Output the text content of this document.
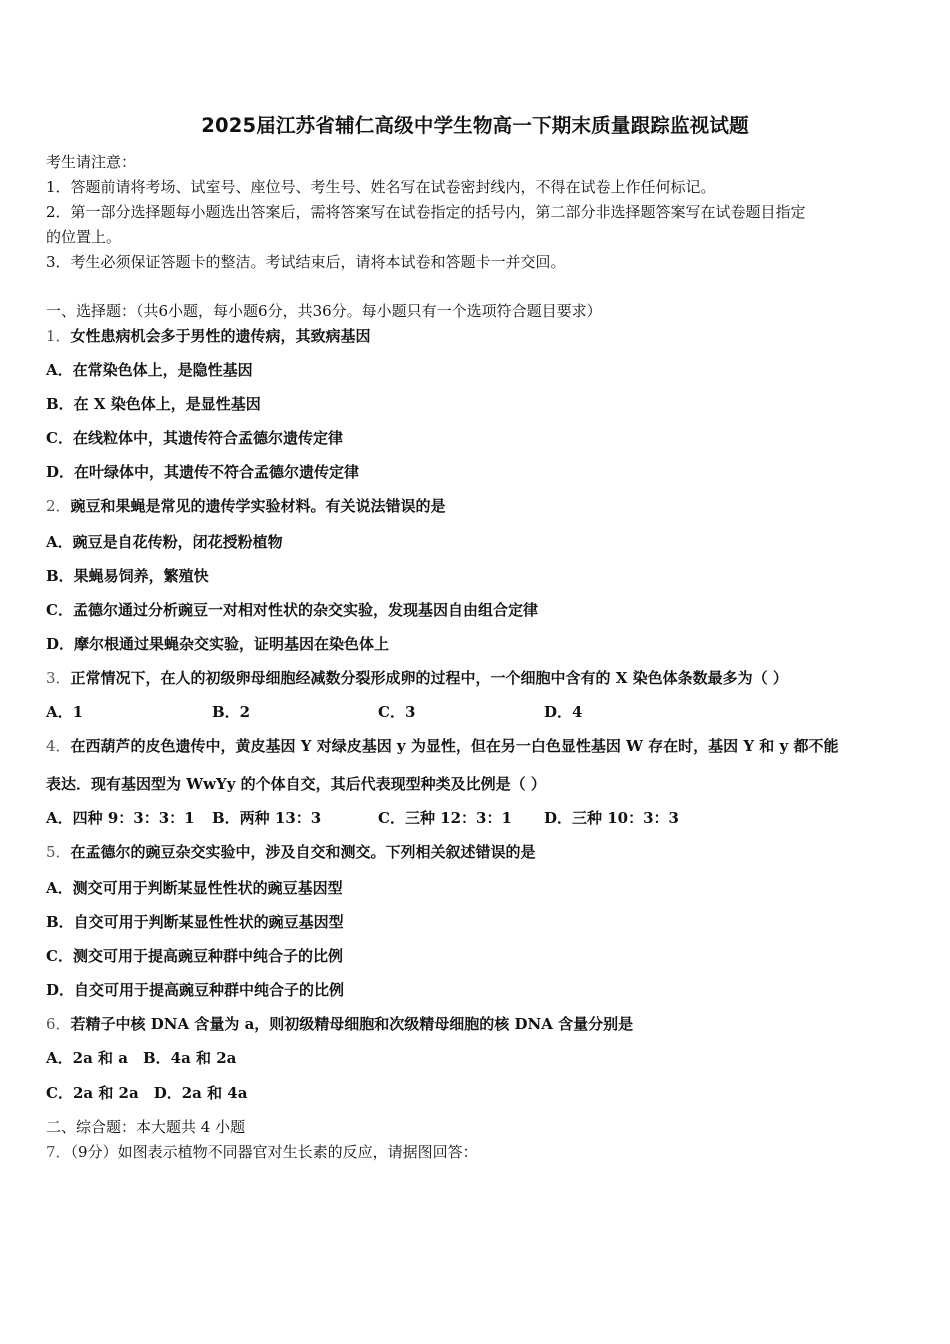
2025届江苏省辅仁高级中学生物高一下期末质量跟踪监视试题
考生请注意：
1．答题前请将考场、试室号、座位号、考生号、姓名写在试卷密封线内，不得在试卷上作任何标记。
2．第一部分选择题每小题选出答案后，需将答案写在试卷指定的括号内，第二部分非选择题答案写在试卷题目指定
的位置上。
3．考生必须保证答题卡的整洁。考试结束后，请将本试卷和答题卡一并交回。
一、选择题：（共6小题，每小题6分，共36分。每小题只有一个选项符合题目要求）
1．女性患病机会多于男性的遗传病，其致病基因
A．在常染色体上，是隐性基因
B．在 X 染色体上，是显性基因
C．在线粒体中，其遗传符合孟德尔遗传定律
D．在叶绿体中，其遗传不符合孟德尔遗传定律
2．豌豆和果蝇是常见的遗传学实验材料。有关说法错误的是
A．豌豆是自花传粉，闭花授粉植物
B．果蝇易饲养，繁殖快
C．孟德尔通过分析豌豆一对相对性状的杂交实验，发现基因自由组合定律
D．摩尔根通过果蝇杂交实验，证明基因在染色体上
3．正常情况下，在人的初级卵母细胞经减数分裂形成卵的过程中，一个细胞中含有的 X 染色体条数最多为（ ）
A．1	B．2	C．3	D．4
4．在西葫芦的皮色遗传中，黄皮基因 Y 对绿皮基因 y 为显性，但在另一白色显性基因 W 存在时，基因 Y 和 y 都不能
表达．现有基因型为 WwYy 的个体自交，其后代表现型种类及比例是（ ）
A．四种 9：3：3：1 B．两种 13：3	C．三种 12：3：1 D．三种 10：3：3
5．在孟德尔的豌豆杂交实验中，涉及自交和测交。下列相关叙述错误的是
A．测交可用于判断某显性性状的豌豆基因型
B．自交可用于判断某显性性状的豌豆基因型
C．测交可用于提高豌豆种群中纯合子的比例
D．自交可用于提高豌豆种群中纯合子的比例
6．若精子中核 DNA 含量为 a，则初级精母细胞和次级精母细胞的核 DNA 含量分别是
A．2a 和 a　B．4a 和 2a
C．2a 和 2a　D．2a 和 4a
二、综合题：本大题共 4 小题
7．（9分）如图表示植物不同器官对生长素的反应，请据图回答：
